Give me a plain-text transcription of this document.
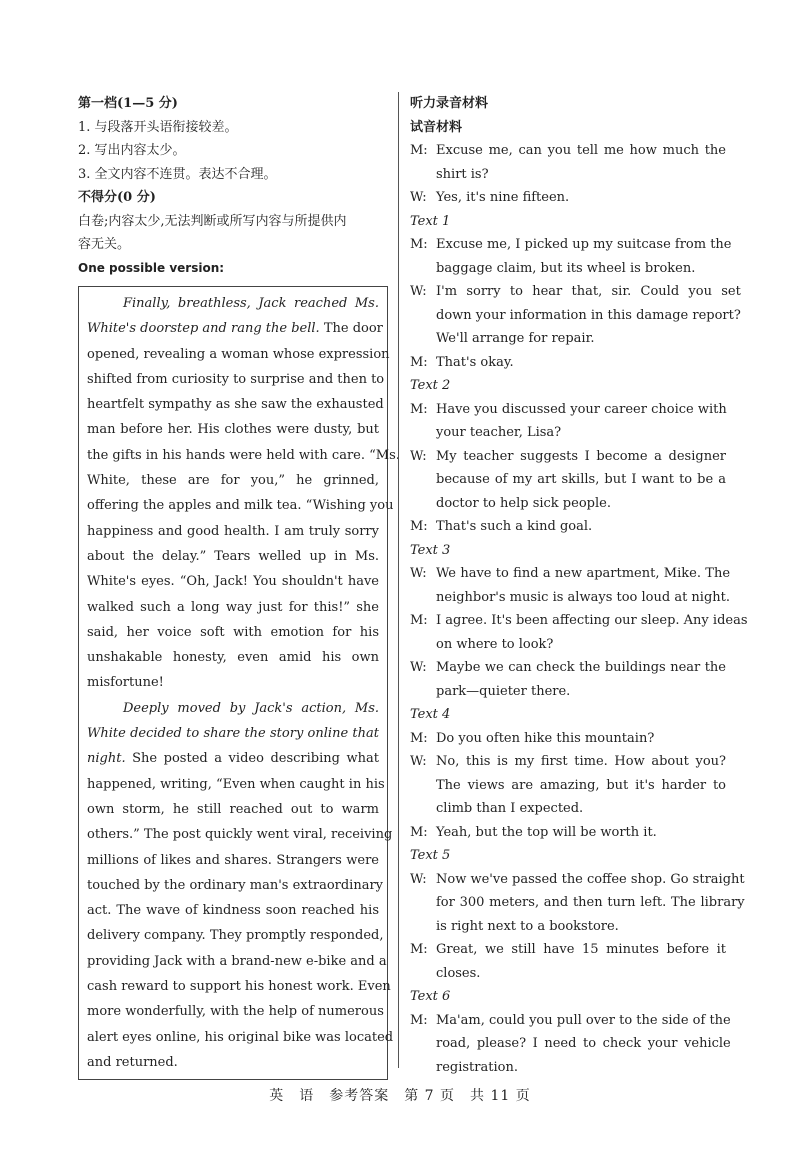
第一档(1—5 分)
1. 与段落开头语衔接较差。
2. 写出内容太少。
3. 全文内容不连贯。表达不合理。
不得分(0 分)
白卷;内容太少,无法判断或所写内容与所提供内
容无关。
One possible version:
Finally, breathless, Jack reached Ms.
White's doorstep and rang the bell. The door
opened, revealing a woman whose expression
shifted from curiosity to surprise and then to
heartfelt sympathy as she saw the exhausted
man before her. His clothes were dusty, but
the gifts in his hands were held with care. “Ms.
White, these are for you,” he grinned,
offering the apples and milk tea. “Wishing you
happiness and good health. I am truly sorry
about the delay.” Tears welled up in Ms.
White's eyes. “Oh, Jack! You shouldn't have
walked such a long way just for this!” she
said, her voice soft with emotion for his
unshakable honesty, even amid his own
misfortune!
Deeply moved by Jack's action, Ms.
White decided to share the story online that
night. She posted a video describing what
happened, writing, “Even when caught in his
own storm, he still reached out to warm
others.” The post quickly went viral, receiving
millions of likes and shares. Strangers were
touched by the ordinary man's extraordinary
act. The wave of kindness soon reached his
delivery company. They promptly responded,
providing Jack with a brand-new e-bike and a
cash reward to support his honest work. Even
more wonderfully, with the help of numerous
alert eyes online, his original bike was located
and returned.
听力录音材料
试音材料
M: Excuse me, can you tell me how much the
shirt is?
W: Yes, it's nine fifteen.
Text 1
M: Excuse me, I picked up my suitcase from the
baggage claim, but its wheel is broken.
W: I'm sorry to hear that, sir. Could you set
down your information in this damage report?
We'll arrange for repair.
M: That's okay.
Text 2
M: Have you discussed your career choice with
your teacher, Lisa?
W: My teacher suggests I become a designer
because of my art skills, but I want to be a
doctor to help sick people.
M: That's such a kind goal.
Text 3
W: We have to find a new apartment, Mike. The
neighbor's music is always too loud at night.
M: I agree. It's been affecting our sleep. Any ideas
on where to look?
W: Maybe we can check the buildings near the
park—quieter there.
Text 4
M: Do you often hike this mountain?
W: No, this is my first time. How about you?
The views are amazing, but it's harder to
climb than I expected.
M: Yeah, but the top will be worth it.
Text 5
W: Now we've passed the coffee shop. Go straight
for 300 meters, and then turn left. The library
is right next to a bookstore.
M: Great, we still have 15 minutes before it
closes.
Text 6
M: Ma'am, could you pull over to the side of the
road, please? I need to check your vehicle
registration.
英　语　参考答案　第 7 页　共 11 页
